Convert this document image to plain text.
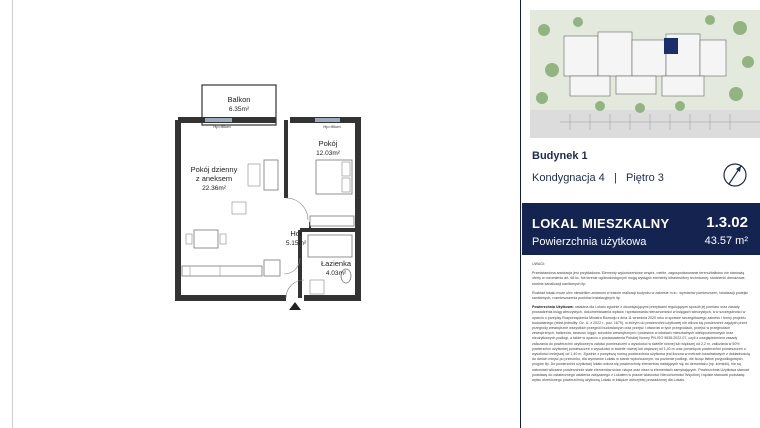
Balkon
6.35m²
Hp=90cm	Hp=90cm
Pokój dzienny
z aneksem
22.36m²
Pokój
12.03m²
Hol
5.15m²
Łazienka
4.03m²
Budynek 1
Kondygnacja 4 | Piętro 3
LOKAL MIESZKALNY
Powierzchnia użytkowa
1.3.02
43.57 m²

UWAGI:

Przedstawiona aranżacja jest przykładowa. Elementy wykończeniowe wnętrz, meble, zagospodarowanie terenu/balkonu nie stanowią oferty w rozumieniu art. 66 kc. Na terenie ogólnodostępnym mogą wystąpić elementy infrastruktury technicznej: studzienki drenażowe, studnie kanalizacji sanitarnych itp.

Rozkład lokalu może ulec niewielkim zmianom w trakcie realizacji budynku w zakresie m.in.: wymiarów pomieszczeń, lokalizacji podejść sanitarnych, rozmieszczenia punktów instalacyjnych itp.

Powierzchnia Użytkowa: ustalana dla Lokalu zgodnie z obowiązującymi przepisami regulującymi sposób jej pomiaru oraz zasady prowadzenia ksiąg wieczystych, dokumentowania wpisów i sprawowania nieruchomości w księgach wieczystych, a w szczególności w oparciu o przepisy Rozporządzenia Ministra Rozwoju z dnia 11 września 2020 roku w sprawie szczegółowego zakresu i formy projektu budowlanego (tekst jednolity: Dz. U. z 2022 r., poz. 1679), w którym do powierzchni użytkowej nie wlicza się powierzchni zajętych przez przegrody wewnętrzne wszystkich przegród budowlanych oraz przejść i otworów w tych przegrodach, przejść w przegrodach zewnętrznych, balkonów, tarasów, loggii, schodów wewnętrznych i podestów w lokalach mieszkalnych wielopoziomowych oraz nieużytkowych podłogi, a także w oparciu o postanowienia Polskiej Normy PN-ISO 9836:2022-07, czyli z uwzględnieniem zasady zaliczania do powierzchni użytkowej w całości pomieszczeń o wysokości w świetle równej lub większej od 2,2 m, zaliczania w 50% powierzchni użytkowej pomieszczeń o wysokości w świetle równej lub większej od 1,40 m oraz pominięcia powierzchni pomieszczeń o wysokości mniejszej od 1,40 m. Zgodnie z powyższą normą powierzchnia użytkowa jest liczona w metrach kwadratowych z dokładnością do dwóch miejsc po przecinku, dla wymiarów Lokalu w stanie wykończonym, na poziomie podłogi, nie licząc listew przypodłogowych, progów itp. Do powierzchni użytkowej lokalu wlicza się powierzchnię elementów nadających się do demontażu (np. kominki), nie są natomiast wliczane powierzchnie stałe elementów ścian i słupa oraz nisze w elementach zamykających. Powierzchnia Użytkowa stanowi podstawę do ostatecznego ustalenia związanego z Lokalem w prawie własności Nieruchomości Wspólnej i będzie stanowić podstawę wpisu określonego powierzchnią użytkową Lokalu w księdze wieczystej prowadzonej dla Lokalu.
